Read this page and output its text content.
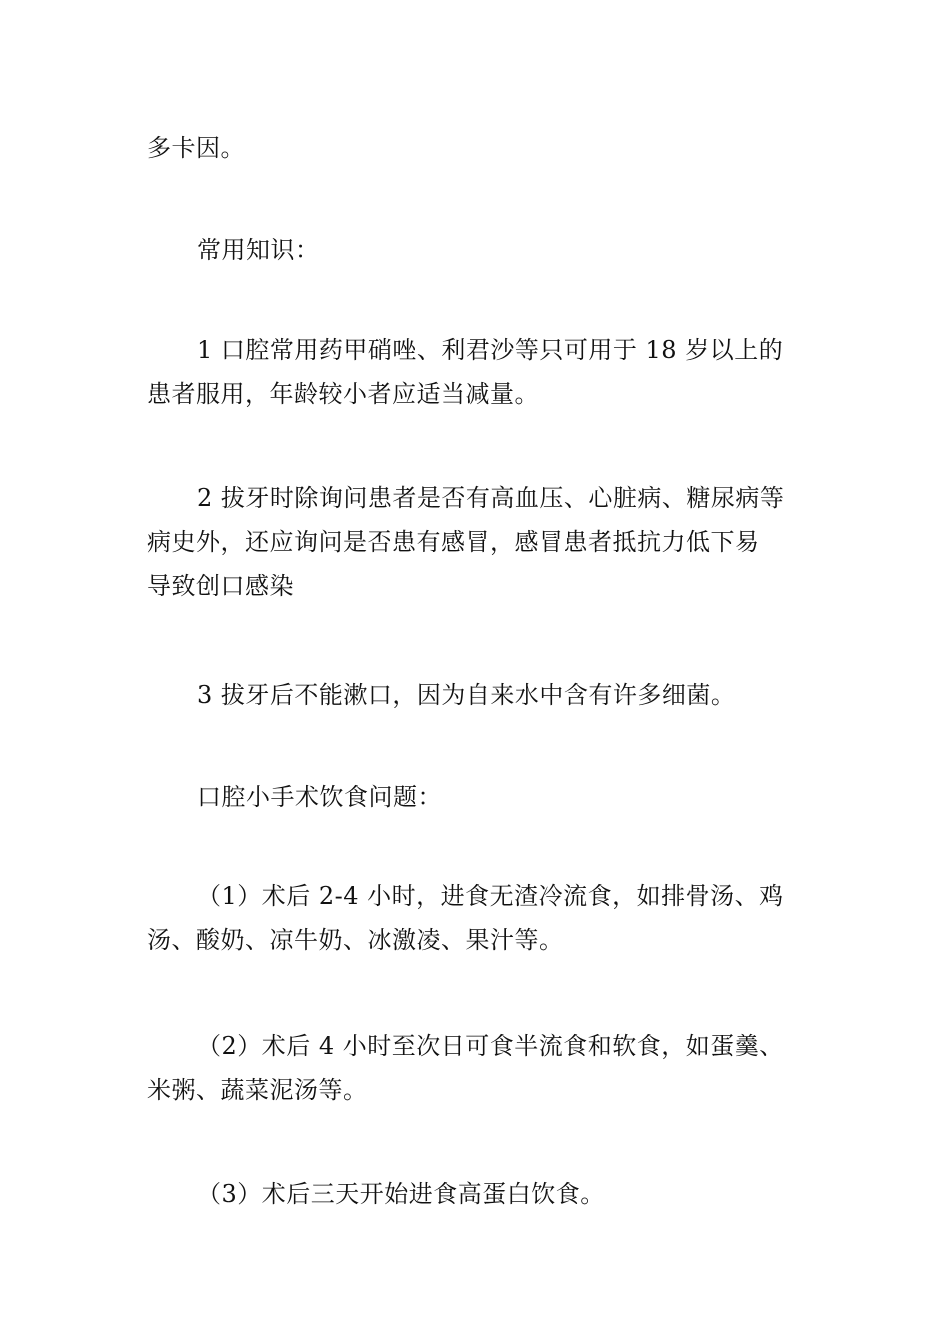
多卡因。

常用知识：

1 口腔常用药甲硝唑、利君沙等只可用于 18 岁以上的
患者服用，年龄较小者应适当减量。

2 拔牙时除询问患者是否有高血压、心脏病、糖尿病等
病史外，还应询问是否患有感冒，感冒患者抵抗力低下易
导致创口感染

3 拔牙后不能漱口，因为自来水中含有许多细菌。

口腔小手术饮食问题：

（1）术后 2-4 小时，进食无渣冷流食，如排骨汤、鸡
汤、酸奶、凉牛奶、冰激凌、果汁等。

（2）术后 4 小时至次日可食半流食和软食，如蛋羹、
米粥、蔬菜泥汤等。

（3）术后三天开始进食高蛋白饮食。
